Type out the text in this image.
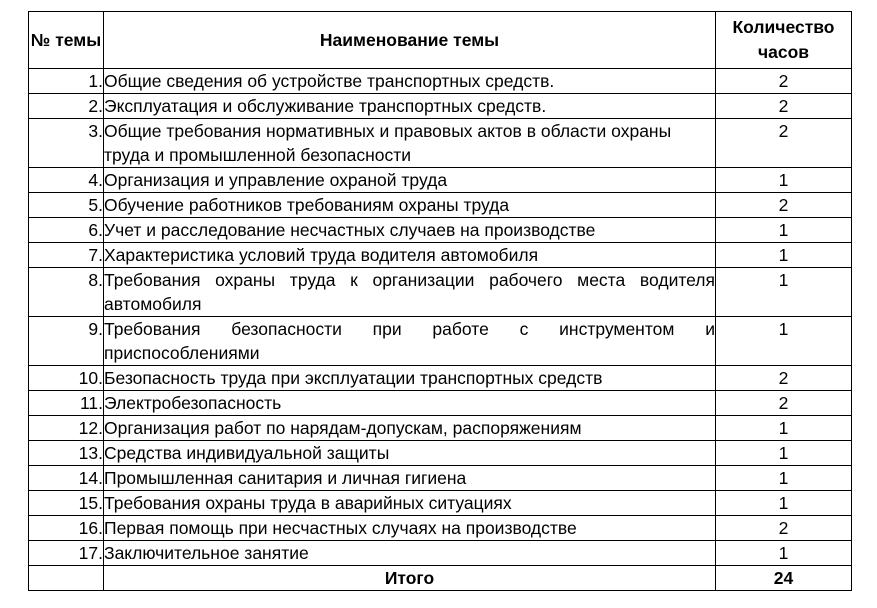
№ темы	Наименование темы	Количество часов
1.	Общие сведения об устройстве транспортных средств.	2
2.	Эксплуатация и обслуживание транспортных средств.	2
3.	Общие требования нормативных и правовых актов в области охраны труда и промышленной безопасности	2
4.	Организация и управление охраной труда	1
5.	Обучение работников требованиям охраны труда	2
6.	Учет и расследование несчастных случаев на производстве	1
7.	Характеристика условий труда водителя автомобиля	1
8.	Требования охраны труда к организации рабочего места водителя автомобиля	1
9.	Требования безопасности при работе с инструментом и приспособлениями	1
10.	Безопасность труда при эксплуатации транспортных средств	2
11.	Электробезопасность	2
12.	Организация работ по нарядам-допускам, распоряжениям	1
13.	Средства индивидуальной защиты	1
14.	Промышленная санитария и личная гигиена	1
15.	Требования охраны труда в аварийных ситуациях	1
16.	Первая помощь при несчастных случаях на производстве	2
17.	Заключительное занятие	1
	Итого	24
